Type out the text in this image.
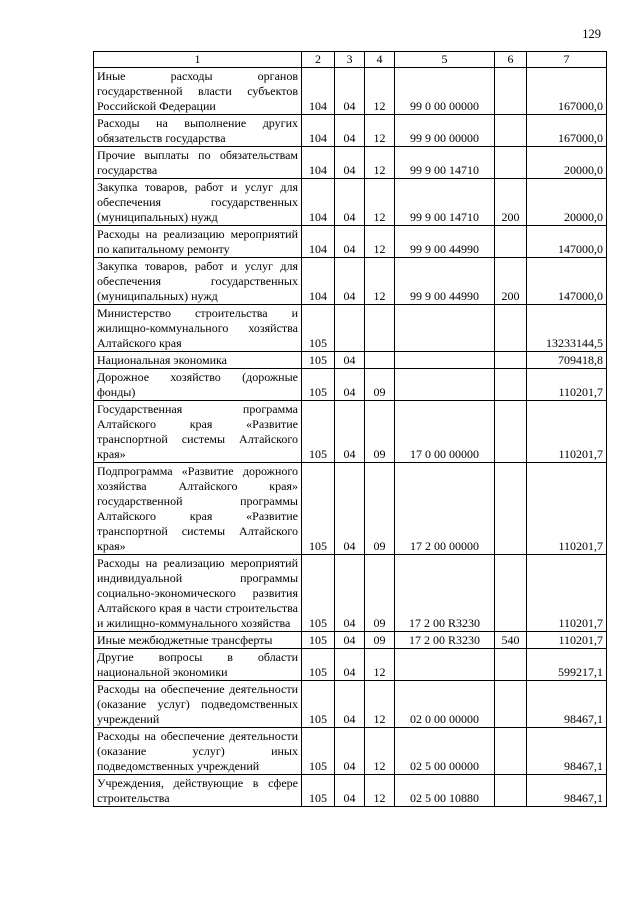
129
1	2	3	4	5	6	7
Иные расходы органов государственной власти субъектов Российской Федерации	104	04	12	99 0 00 00000		167000,0
Расходы на выполнение других обязательств государства	104	04	12	99 9 00 00000		167000,0
Прочие выплаты по обязательствам государства	104	04	12	99 9 00 14710		20000,0
Закупка товаров, работ и услуг для обеспечения государственных (муниципальных) нужд	104	04	12	99 9 00 14710	200	20000,0
Расходы на реализацию мероприятий по капитальному ремонту	104	04	12	99 9 00 44990		147000,0
Закупка товаров, работ и услуг для обеспечения государственных (муниципальных) нужд	104	04	12	99 9 00 44990	200	147000,0
Министерство строительства и жилищно-коммунального хозяйства Алтайского края	105					13233144,5
Национальная экономика	105	04				709418,8
Дорожное хозяйство (дорожные фонды)	105	04	09			110201,7
Государственная программа Алтайского края «Развитие транспортной системы Алтайского края»	105	04	09	17 0 00 00000		110201,7
Подпрограмма «Развитие дорожного хозяйства Алтайского края» государственной программы Алтайского края «Развитие транспортной системы Алтайского края»	105	04	09	17 2 00 00000		110201,7
Расходы на реализацию мероприятий индивидуальной программы социально-экономического развития Алтайского края в части строительства и жилищно-коммунального хозяйства	105	04	09	17 2 00 R3230		110201,7
Иные межбюджетные трансферты	105	04	09	17 2 00 R3230	540	110201,7
Другие вопросы в области национальной экономики	105	04	12			599217,1
Расходы на обеспечение деятельности (оказание услуг) подведомственных учреждений	105	04	12	02 0 00 00000		98467,1
Расходы на обеспечение деятельности (оказание услуг) иных подведомственных учреждений	105	04	12	02 5 00 00000		98467,1
Учреждения, действующие в сфере строительства	105	04	12	02 5 00 10880		98467,1
